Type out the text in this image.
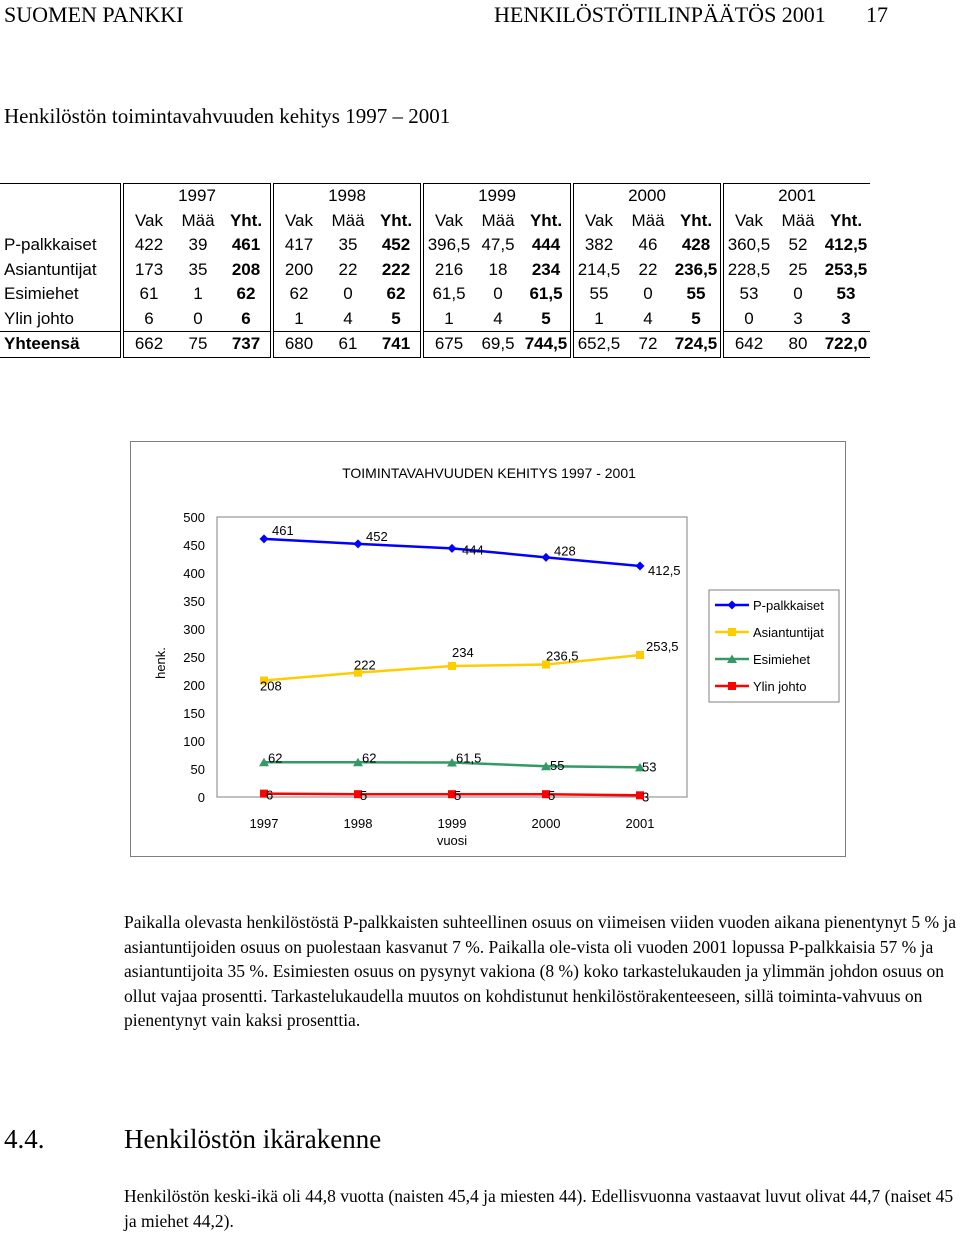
SUOMEN PANKKI	HENKILÖSTÖTILINPÄÄTÖS 2001 17
Henkilöstön toimintavahvuuden kehitys 1997 – 2001
	1997			1998			1999			2000			2001		
	Vak	Mää	Yht.	Vak	Mää	Yht.	Vak	Mää	Yht.	Vak	Mää	Yht.	Vak	Mää	Yht.
P-palkkaiset	422	39	461	417	35	452	396,5	47,5	444	382	46	428	360,5	52	412,5
Asiantuntijat	173	35	208	200	22	222	216	18	234	214,5	22	236,5	228,5	25	253,5
Esimiehet	61	1	62	62	0	62	61,5	0	61,5	55	0	55	53	0	53
Ylin johto	6	0	6	1	4	5	1	4	5	1	4	5	0	3	3
Yhteensä	662	75	737	680	61	741	675	69,5	744,5	652,5	72	724,5	642	80	722,0
TOIMINTAVAHVUUDEN KEHITYS 1997 - 2001
0
50
100
150
200
250
300
350
400
450
500
1997	1998	1999	2000	2001
vuosi
henk.
461	452
444	428
412,5
208
222
234	236,5
253,5
62	62	61,5
55	53
6	5	5	5	3
P-palkkaiset
Asiantuntijat
Esimiehet
Ylin johto

Paikalla olevasta henkilöstöstä P-palkkaisten suhteellinen osuus on viimeisen viiden vuoden aikana pienentynyt 5 % ja asiantuntijoiden osuus on puolestaan kasvanut 7 %. Paikalla ole-vista oli vuoden 2001 lopussa P-palkkaisia 57 % ja asiantuntijoita 35 %. Esimiesten osuus on pysynyt vakiona (8 %) koko tarkastelukauden ja ylimmän johdon osuus on ollut vajaa prosentti. Tarkastelukaudella muutos on kohdistunut henkilöstörakenteeseen, sillä toiminta-vahvuus on pienentynyt vain kaksi prosenttia.

4.4.	Henkilöstön ikärakenne
Henkilöstön keski-ikä oli 44,8 vuotta (naisten 45,4 ja miesten 44). Edellisvuonna vastaavat luvut olivat 44,7 (naiset 45 ja miehet 44,2).
